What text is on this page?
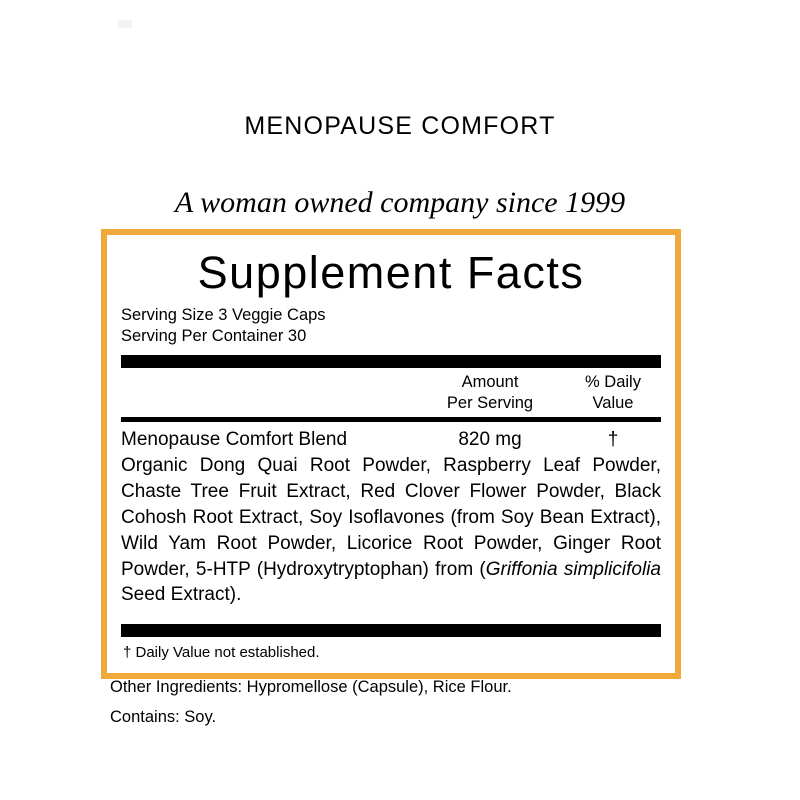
MENOPAUSE COMFORT
A woman owned company since 1999
Supplement Facts
Serving Size 3 Veggie Caps
Serving Per Container 30
Amount
Per Serving
% Daily
Value
Menopause Comfort Blend	820 mg	†
Organic Dong Quai Root Powder, Raspberry Leaf Powder, Chaste Tree Fruit Extract, Red Clover Flower Powder, Black Cohosh Root Extract, Soy Isoflavones (from Soy Bean Extract), Wild Yam Root Powder, Licorice Root Powder, Ginger Root Powder, 5-HTP (Hydroxytryptophan) from (Griffonia simplicifolia Seed Extract).
† Daily Value not established.
Other Ingredients: Hypromellose (Capsule), Rice Flour.
Contains: Soy.
